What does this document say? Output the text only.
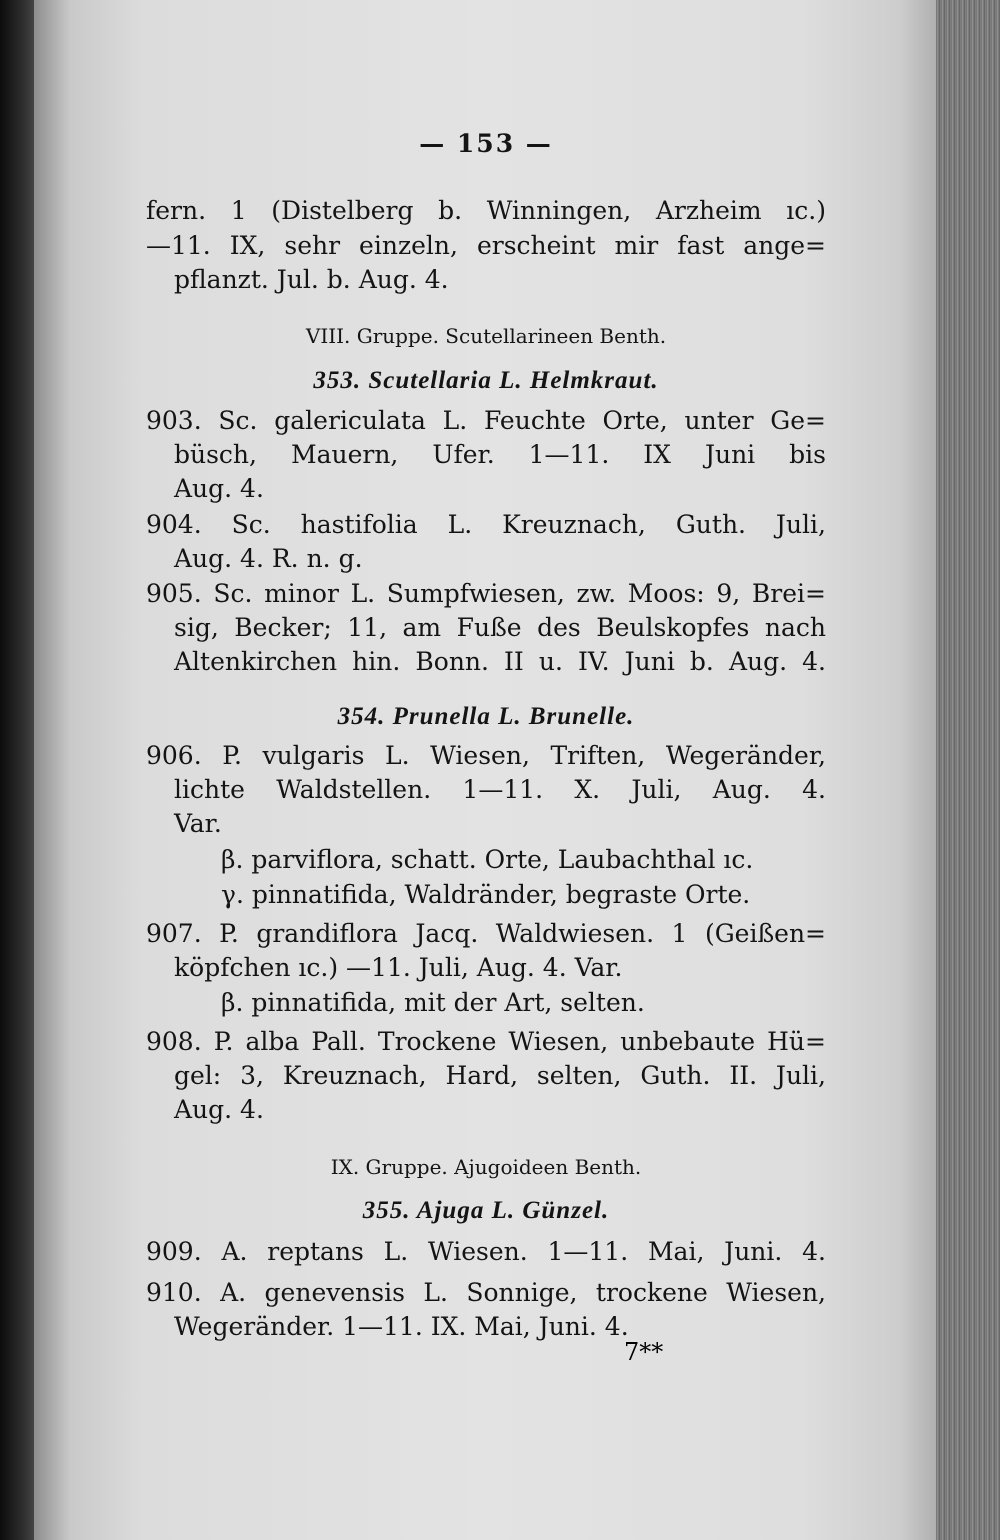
— 153 —
fern. 1 (Distelberg b. Winningen, Arzheim ıc.)
—11. IX, sehr einzeln, erscheint mir fast ange=
pflanzt. Jul. b. Aug. 4.
VIII. Gruppe. Scutellarineen Benth.
353. Scutellaria L. Helmkraut.
903. Sc. galericulata L. Feuchte Orte, unter Ge=
büsch, Mauern, Ufer. 1—11. IX Juni bis
Aug. 4.
904. Sc. hastifolia L. Kreuznach, Guth. Juli,
Aug. 4. R. n. g.
905. Sc. minor L. Sumpfwiesen, zw. Moos: 9, Brei=
sig, Becker; 11, am Fuße des Beulskopfes nach
Altenkirchen hin. Bonn. II u. IV. Juni b. Aug. 4.
354. Prunella L. Brunelle.
906. P. vulgaris L. Wiesen, Triften, Wegeränder,
lichte Waldstellen. 1—11. X. Juli, Aug. 4.
Var.
β. parviflora, schatt. Orte, Laubachthal ıc.
γ. pinnatifida, Waldränder, begraste Orte.
907. P. grandiflora Jacq. Waldwiesen. 1 (Geißen=
köpfchen ıc.) —11. Juli, Aug. 4. Var.
β. pinnatifida, mit der Art, selten.
908. P. alba Pall. Trockene Wiesen, unbebaute Hü=
gel: 3, Kreuznach, Hard, selten, Guth. II. Juli,
Aug. 4.
IX. Gruppe. Ajugoideen Benth.
355. Ajuga L. Günzel.
909. A. reptans L. Wiesen. 1—11. Mai, Juni. 4.
910. A. genevensis L. Sonnige, trockene Wiesen,
Wegeränder. 1—11. IX. Mai, Juni. 4.
7**
